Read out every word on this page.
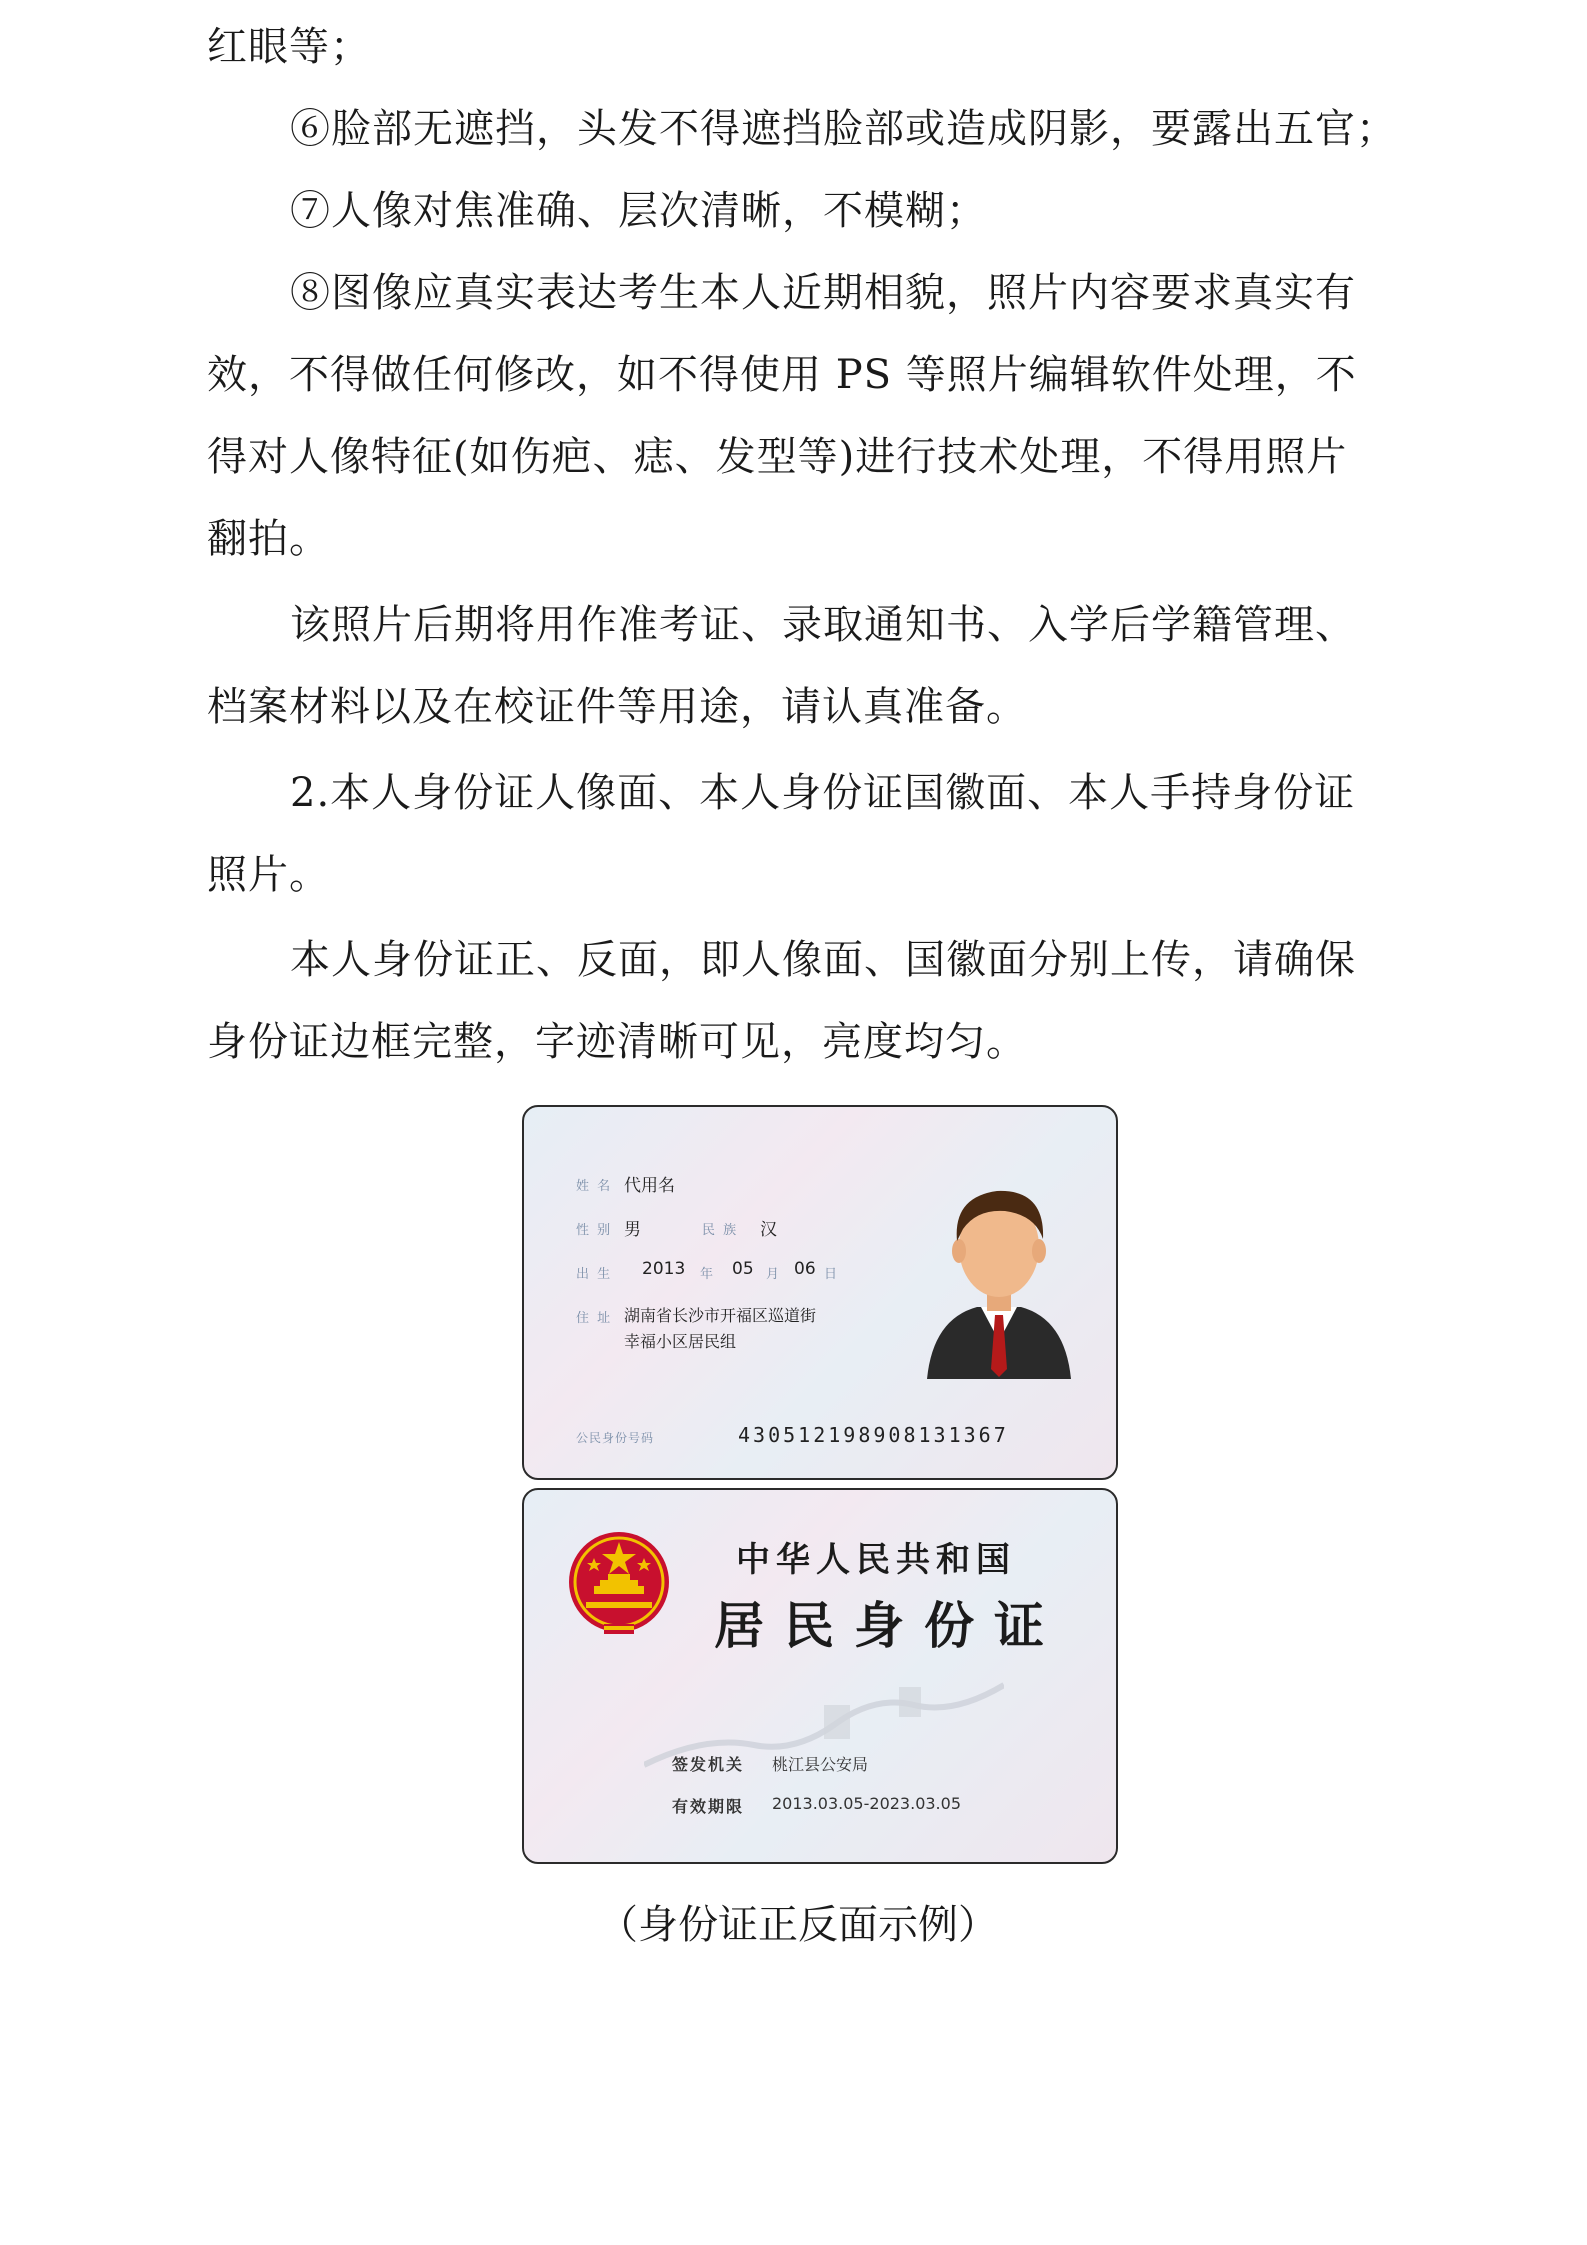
红眼等；
⑥脸部无遮挡，头发不得遮挡脸部或造成阴影，要露出五官；
⑦人像对焦准确、层次清晰，不模糊；
⑧图像应真实表达考生本人近期相貌，照片内容要求真实有
效，不得做任何修改，如不得使用 PS 等照片编辑软件处理，不
得对人像特征(如伤疤、痣、发型等)进行技术处理，不得用照片
翻拍。
该照片后期将用作准考证、录取通知书、入学后学籍管理、
档案材料以及在校证件等用途，请认真准备。
2.本人身份证人像面、本人身份证国徽面、本人手持身份证
照片。
本人身份证正、反面，即人像面、国徽面分别上传，请确保
身份证边框完整，字迹清晰可见，亮度均匀。
姓 名 代用名
性 别 男	民 族 汉
出 生 2013 年 05 月 06 日
住 址 湖南省长沙市开福区巡道街
幸福小区居民组
公民身份号码	430512198908131367
中华人民共和国
居民身份证
签发机关 桃江县公安局
有效期限 2013.03.05-2023.03.05
（身份证正反面示例）
